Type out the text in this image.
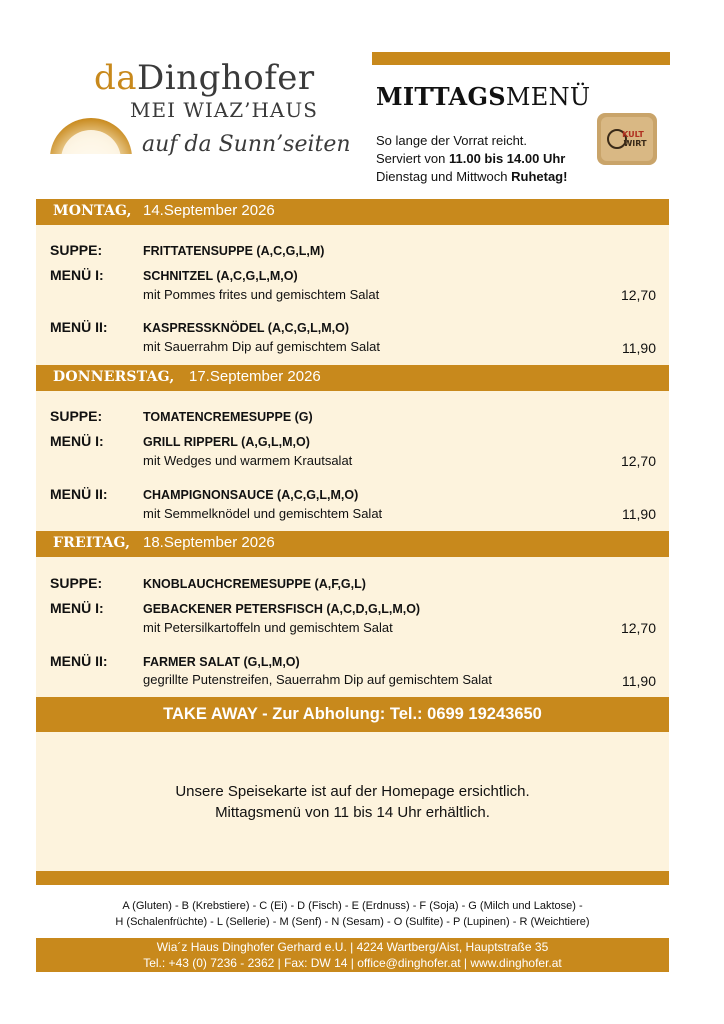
daDinghofer
MEI WIAZ’HAUS
auf da Sunn’seiten
MITTAGSMENÜ
So lange der Vorrat reicht.
Serviert von 11.00 bis 14.00 Uhr
Dienstag und Mittwoch Ruhetag!
KULT
WIRT
MONTAG, 14.September 2026
SUPPE:	FRITTATENSUPPE (A,C,G,L,M)
MENÜ I:	SCHNITZEL (A,C,G,L,M,O)
mit Pommes frites und gemischtem Salat	12,70
MENÜ II:	KASPRESSKNÖDEL (A,C,G,L,M,O)
mit Sauerrahm Dip auf gemischtem Salat	11,90
DONNERSTAG, 17.September 2026
SUPPE:	TOMATENCREMESUPPE (G)
MENÜ I:	GRILL RIPPERL (A,G,L,M,O)
mit Wedges und warmem Krautsalat	12,70
MENÜ II:	CHAMPIGNONSAUCE (A,C,G,L,M,O)
mit Semmelknödel und gemischtem Salat	11,90
FREITAG, 18.September 2026
SUPPE:	KNOBLAUCHCREMESUPPE (A,F,G,L)
MENÜ I:	GEBACKENER PETERSFISCH (A,C,D,G,L,M,O)
mit Petersilkartoffeln und gemischtem Salat	12,70
MENÜ II:	FARMER SALAT (G,L,M,O)
gegrillte Putenstreifen, Sauerrahm Dip auf gemischtem Salat	11,90
TAKE AWAY - Zur Abholung: Tel.: 0699 19243650
Unsere Speisekarte ist auf der Homepage ersichtlich.
Mittagsmenü von 11 bis 14 Uhr erhältlich.
A (Gluten) - B (Krebstiere) - C (Ei) - D (Fisch) - E (Erdnuss) - F (Soja) - G (Milch und Laktose) -
H (Schalenfrüchte) - L (Sellerie) - M (Senf) - N (Sesam) - O (Sulfite) - P (Lupinen) - R (Weichtiere)
Wia´z Haus Dinghofer Gerhard e.U. | 4224 Wartberg/Aist, Hauptstraße 35
Tel.: +43 (0) 7236 - 2362 | Fax: DW 14 | office@dinghofer.at | www.dinghofer.at
